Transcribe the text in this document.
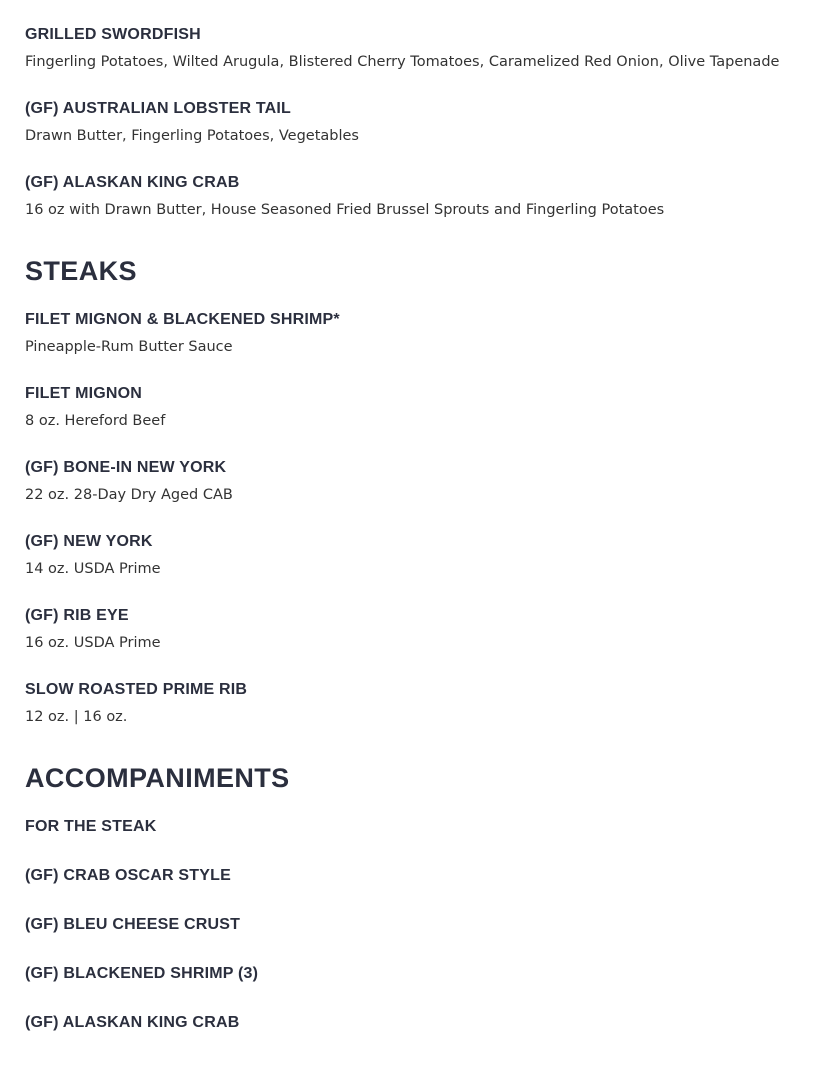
GRILLED SWORDFISH
Fingerling Potatoes, Wilted Arugula, Blistered Cherry Tomatoes, Caramelized Red Onion, Olive Tapenade
(GF) AUSTRALIAN LOBSTER TAIL
Drawn Butter, Fingerling Potatoes, Vegetables
(GF) ALASKAN KING CRAB
16 oz with Drawn Butter, House Seasoned Fried Brussel Sprouts and Fingerling Potatoes
STEAKS
FILET MIGNON & BLACKENED SHRIMP*
Pineapple-Rum Butter Sauce
FILET MIGNON
8 oz. Hereford Beef
(GF) BONE-IN NEW YORK
22 oz. 28-Day Dry Aged CAB
(GF) NEW YORK
14 oz. USDA Prime
(GF) RIB EYE
16 oz. USDA Prime
SLOW ROASTED PRIME RIB
12 oz. | 16 oz.
ACCOMPANIMENTS
FOR THE STEAK
(GF) CRAB OSCAR STYLE
(GF) BLEU CHEESE CRUST
(GF) BLACKENED SHRIMP (3)
(GF) ALASKAN KING CRAB
